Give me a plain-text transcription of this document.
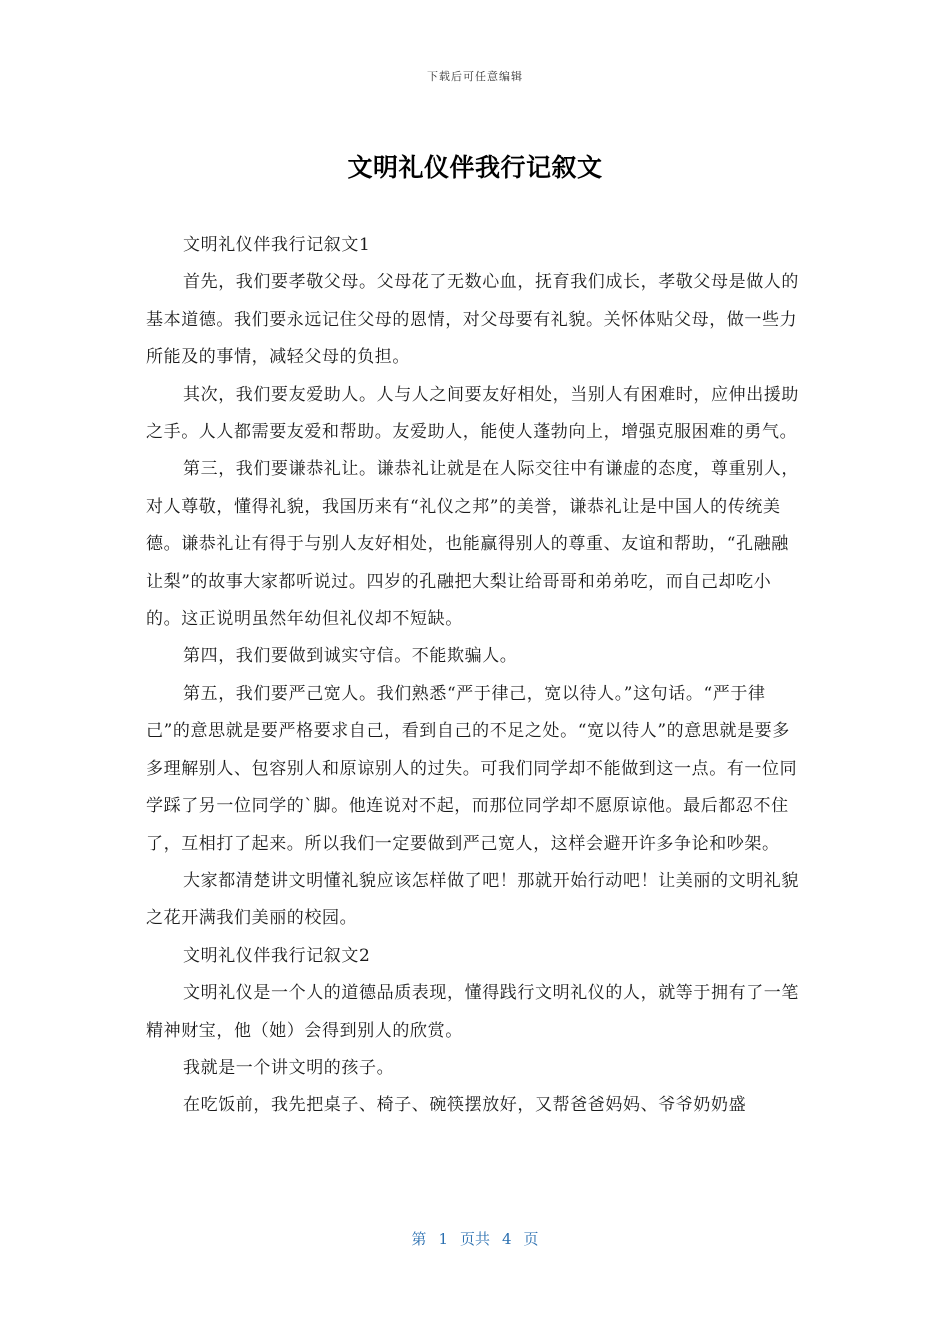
下载后可任意编辑
文明礼仪伴我行记叙文

文明礼仪伴我行记叙文1

首先，我们要孝敬父母。父母花了无数心血，抚育我们成长，孝敬父母是做人的基本道德。我们要永远记住父母的恩情，对父母要有礼貌。关怀体贴父母，做一些力所能及的事情，减轻父母的负担。

其次，我们要友爱助人。人与人之间要友好相处，当别人有困难时，应伸出援助之手。人人都需要友爱和帮助。友爱助人，能使人蓬勃向上，增强克服困难的勇气。

第三，我们要谦恭礼让。谦恭礼让就是在人际交往中有谦虚的态度，尊重别人，对人尊敬，懂得礼貌，我国历来有“礼仪之邦”的美誉，谦恭礼让是中国人的传统美德。谦恭礼让有得于与别人友好相处，也能赢得别人的尊重、友谊和帮助，“孔融融让梨”的故事大家都听说过。四岁的孔融把大梨让给哥哥和弟弟吃，而自己却吃小的。这正说明虽然年幼但礼仪却不短缺。

第四，我们要做到诚实守信。不能欺骗人。

第五，我们要严己宽人。我们熟悉“严于律己，宽以待人。”这句话。“严于律己”的意思就是要严格要求自己，看到自己的不足之处。“宽以待人”的意思就是要多多理解别人、包容别人和原谅别人的过失。可我们同学却不能做到这一点。有一位同学踩了另一位同学的`脚。他连说对不起，而那位同学却不愿原谅他。最后都忍不住了，互相打了起来。所以我们一定要做到严己宽人，这样会避开许多争论和吵架。

大家都清楚讲文明懂礼貌应该怎样做了吧！那就开始行动吧！让美丽的文明礼貌之花开满我们美丽的校园。

文明礼仪伴我行记叙文2

文明礼仪是一个人的道德品质表现，懂得践行文明礼仪的人，就等于拥有了一笔精神财宝，他（她）会得到别人的欣赏。

我就是一个讲文明的孩子。

在吃饭前，我先把桌子、椅子、碗筷摆放好，又帮爸爸妈妈、爷爷奶奶盛

第 1 页共 4 页
